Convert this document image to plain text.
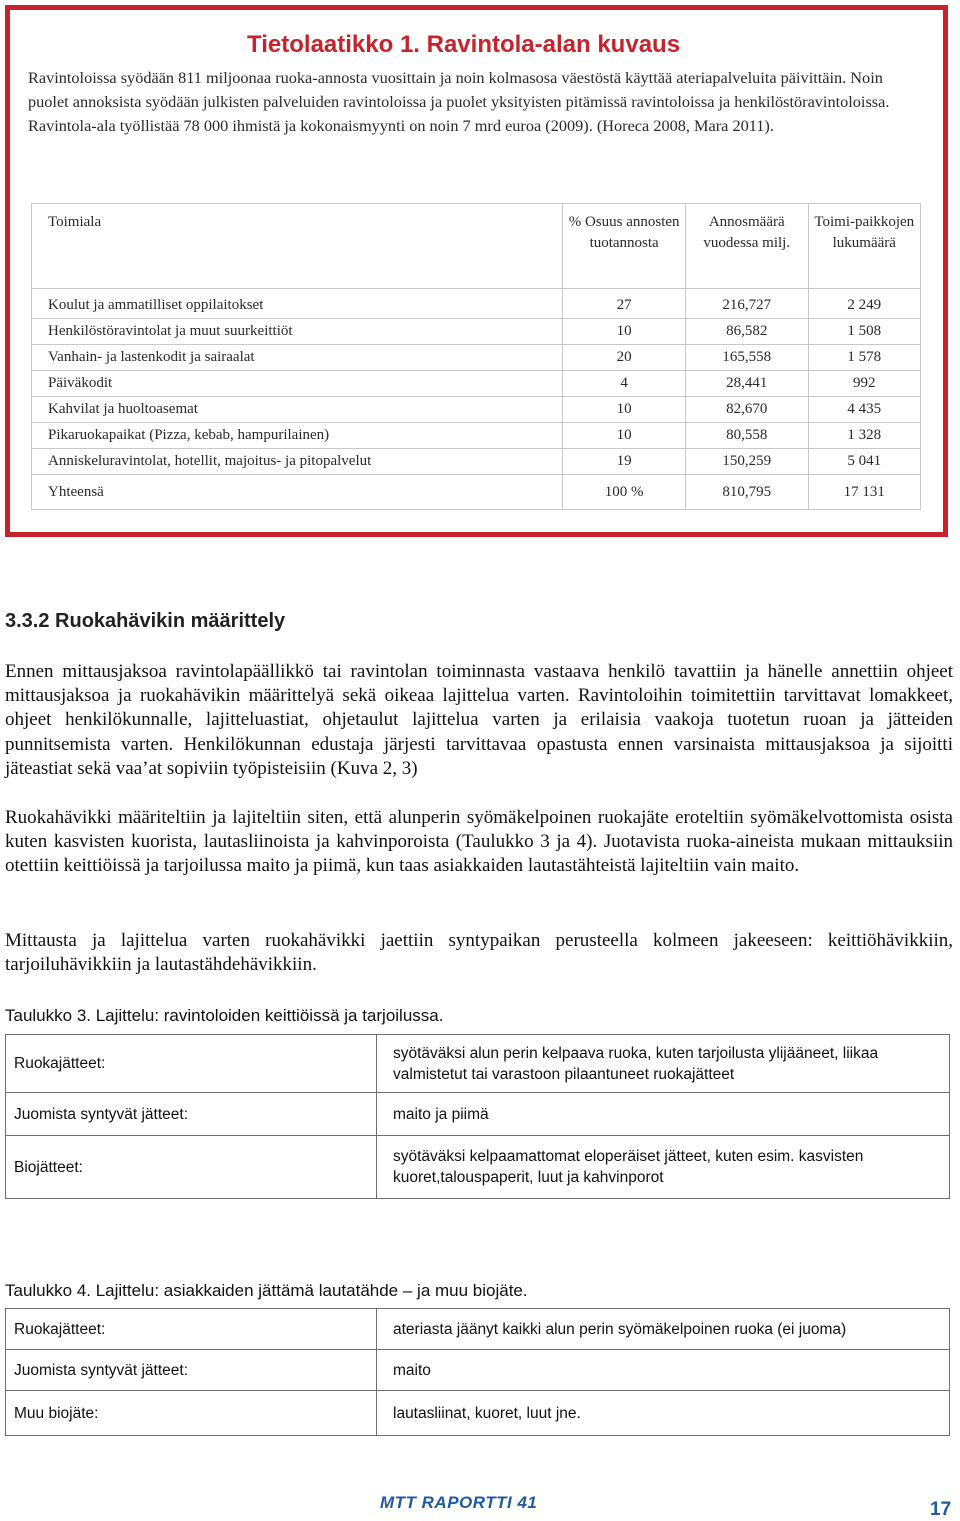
Tietolaatikko 1. Ravintola-alan kuvaus

Ravintoloissa syödään 811 miljoonaa ruoka-annosta vuosittain ja noin kolmasosa väestöstä käyttää ateriapalveluita päivittäin. Noin puolet annoksista syödään julkisten palveluiden ravintoloissa ja puolet yksityisten pitämissä ravintoloissa ja henkilöstöravintoloissa. Ravintola-ala työllistää 78 000 ihmistä ja kokonaismyynti on noin 7 mrd euroa (2009). (Horeca 2008, Mara 2011).

Toimiala	% Osuus annosten tuotannosta	Annosmäärä vuodessa milj.	Toimi-paikkojen lukumäärä
Koulut ja ammatilliset oppilaitokset	27	216,727	2 249
Henkilöstöravintolat ja muut suurkeittiöt	10	86,582	1 508
Vanhain- ja lastenkodit ja sairaalat	20	165,558	1 578
Päiväkodit	4	28,441	992
Kahvilat ja huoltoasemat	10	82,670	4 435
Pikaruokapaikat (Pizza, kebab, hampurilainen)	10	80,558	1 328
Anniskeluravintolat, hotellit, majoitus- ja pitopalvelut	19	150,259	5 041
Yhteensä	100 %	810,795	17 131
3.3.2 Ruokahävikin määrittely

Ennen mittausjaksoa ravintolapäällikkö tai ravintolan toiminnasta vastaava henkilö tavattiin ja hänelle annettiin ohjeet mittausjaksoa ja ruokahävikin määrittelyä sekä oikeaa lajittelua varten. Ravintoloihin toimitettiin tarvittavat lomakkeet, ohjeet henkilökunnalle, lajitteluastiat, ohjetaulut lajittelua varten ja erilaisia vaakoja tuotetun ruoan ja jätteiden punnitsemista varten. Henkilökunnan edustaja järjesti tarvittavaa opastusta ennen varsinaista mittausjaksoa ja sijoitti jäteastiat sekä vaa’at sopiviin työpisteisiin (Kuva 2, 3)

Ruokahävikki määriteltiin ja lajiteltiin siten, että alunperin syömäkelpoinen ruokajäte eroteltiin syömäkelvottomista osista kuten kasvisten kuorista, lautasliinoista ja kahvinporoista (Taulukko 3 ja 4). Juotavista ruoka-aineista mukaan mittauksiin otettiin keittiöissä ja tarjoilussa maito ja piimä, kun taas asiakkaiden lautastähteistä lajiteltiin vain maito.

Mittausta ja lajittelua varten ruokahävikki jaettiin syntypaikan perusteella kolmeen jakeeseen: keittiöhävikkiin, tarjoiluhävikkiin ja lautastähdehävikkiin.

Taulukko 3. Lajittelu: ravintoloiden keittiöissä ja tarjoilussa.

Ruokajätteet:	syötäväksi alun perin kelpaava ruoka, kuten tarjoilusta ylijääneet, liikaa valmistetut tai varastoon pilaantuneet ruokajätteet
Juomista syntyvät jätteet:	maito ja piimä
Biojätteet:	syötäväksi kelpaamattomat eloperäiset jätteet, kuten esim. kasvisten kuoret,talouspaperit, luut ja kahvinporot

Taulukko 4. Lajittelu: asiakkaiden jättämä lautatähde – ja muu biojäte.

Ruokajätteet:	ateriasta jäänyt kaikki alun perin syömäkelpoinen ruoka (ei juoma)
Juomista syntyvät jätteet:	maito
Muu biojäte:	lautasliinat, kuoret, luut jne.

MTT RAPORTTI 41	17
